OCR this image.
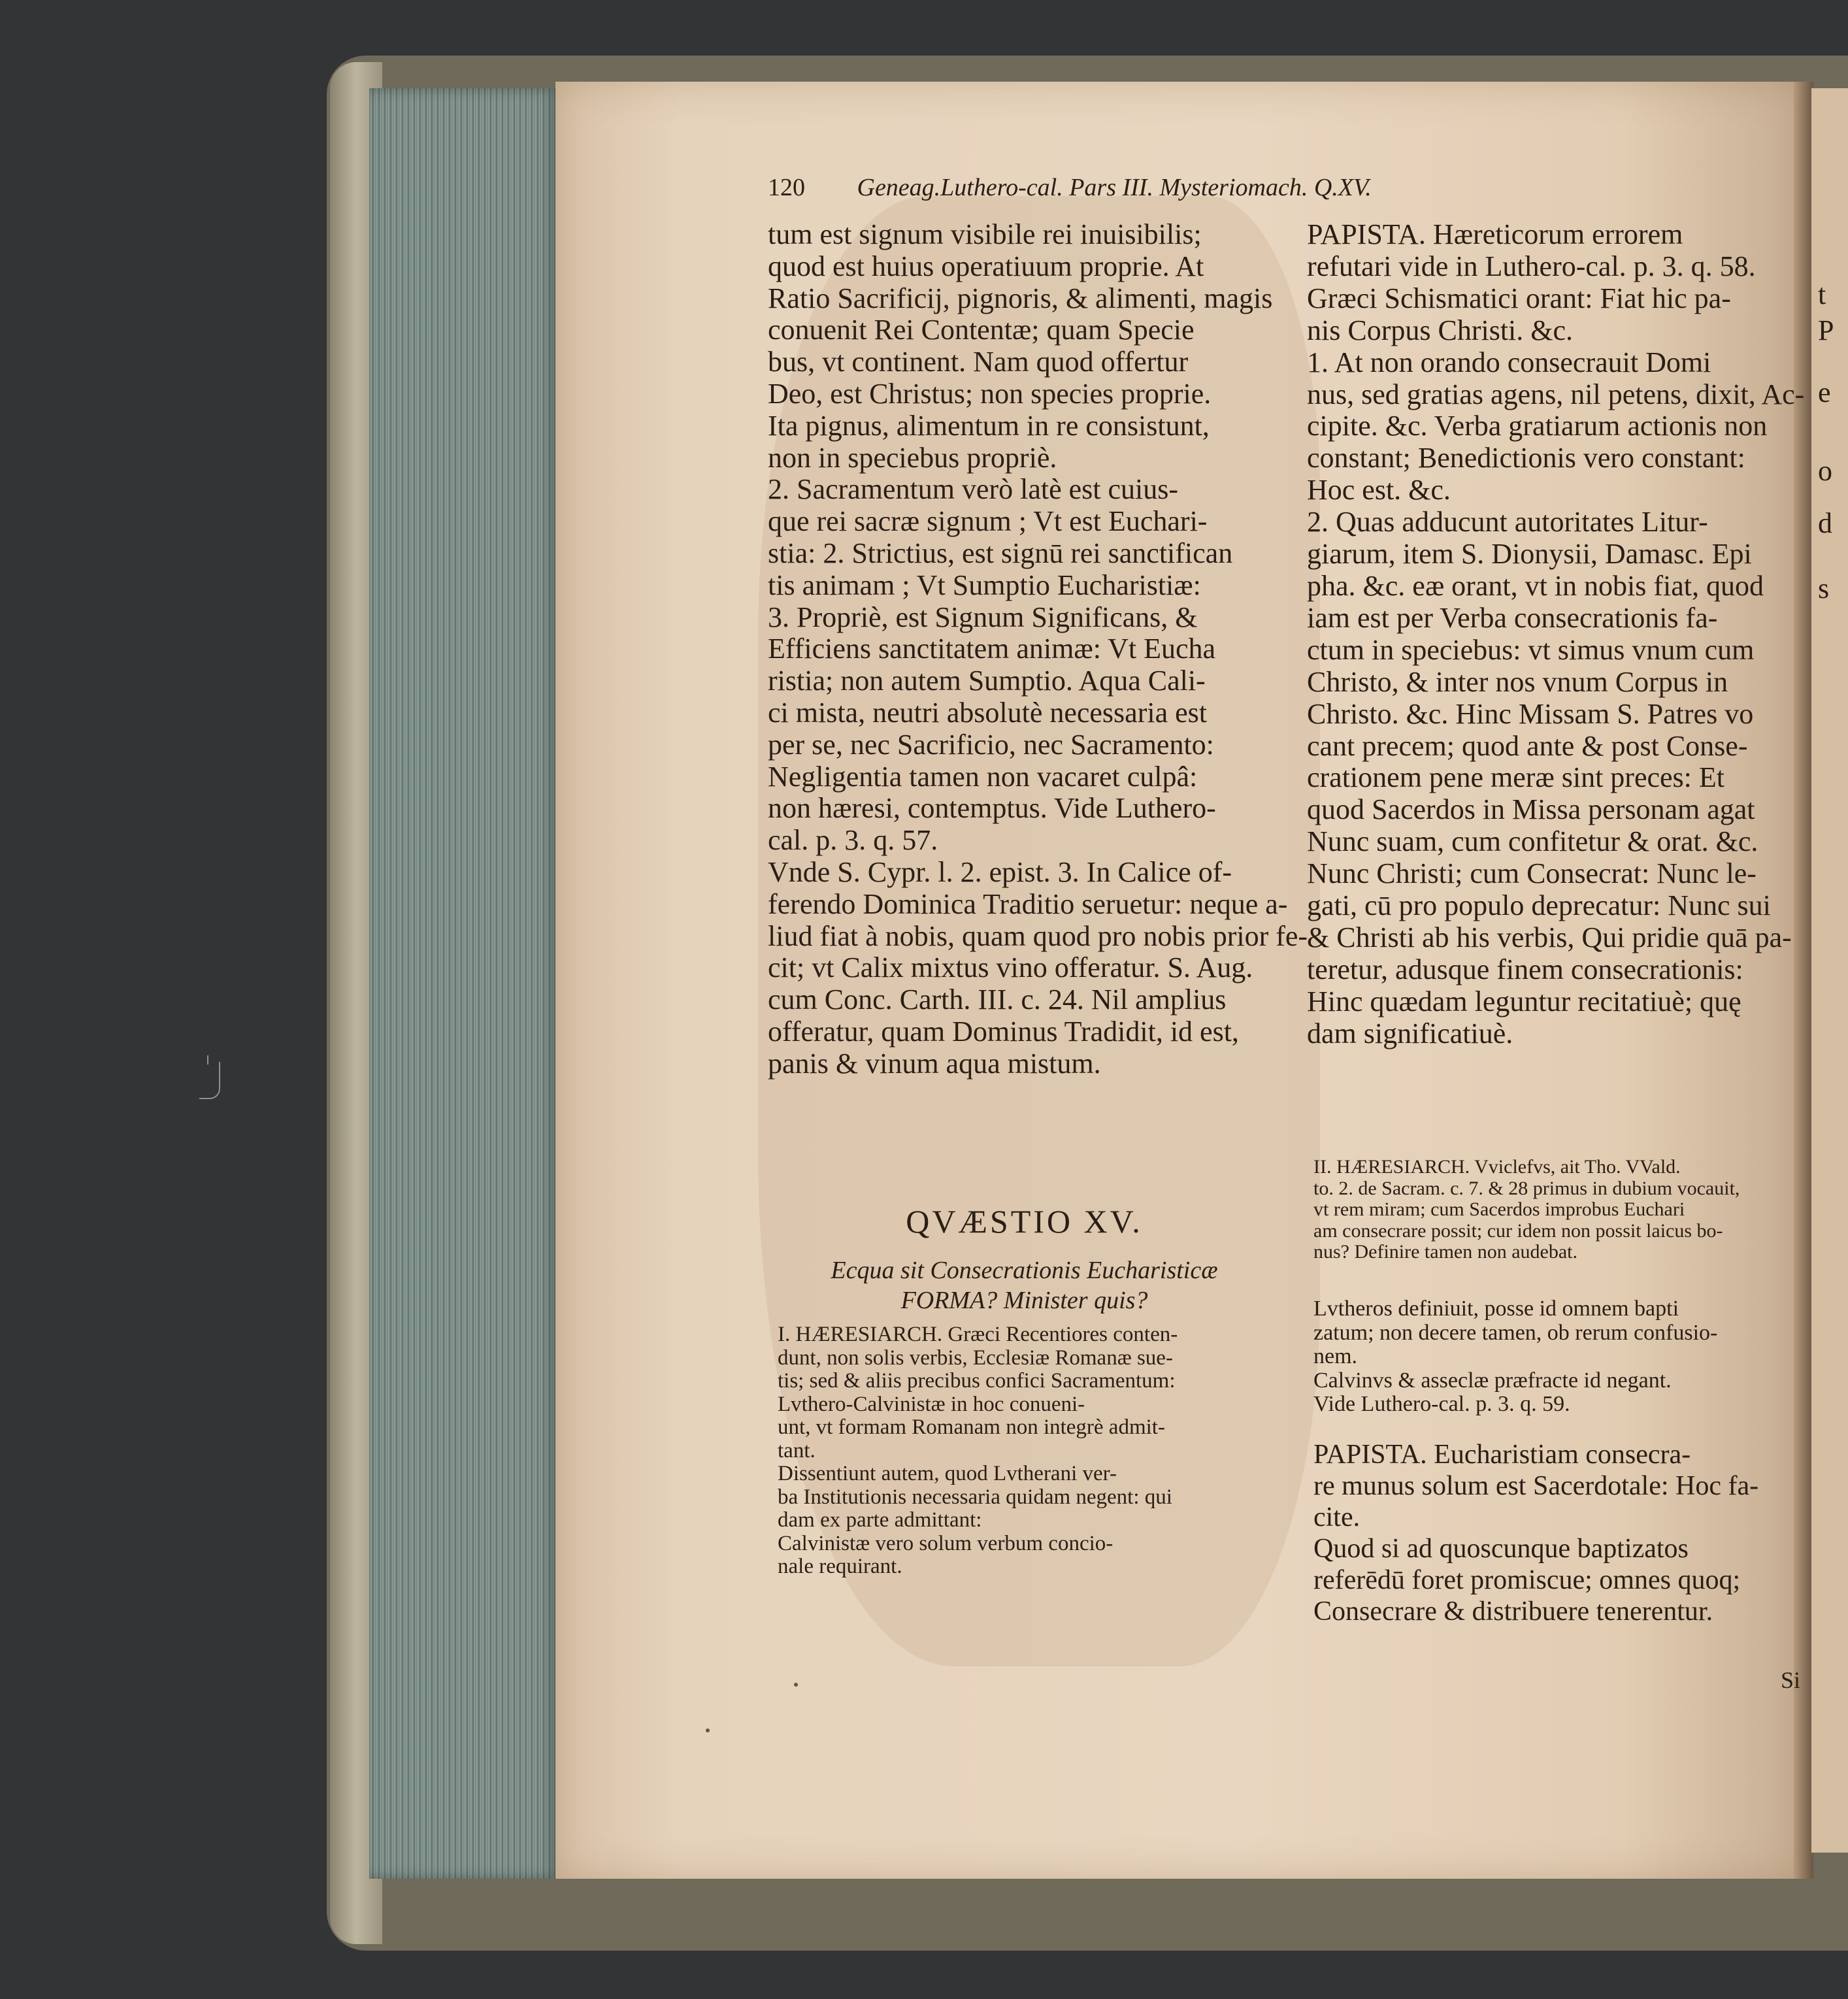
t
P
e
o
d
s
120 Geneag.Luthero-cal. Pars III. Mysteriomach. Q.XV.
tum est signum visibile rei inuisibilis;
quod est huius operatiuum proprie. At
Ratio Sacrificij, pignoris, & alimenti, magis
conuenit Rei Contentæ; quam Specie
bus, vt continent. Nam quod offertur
Deo, est Christus; non species proprie.
Ita pignus, alimentum in re consistunt,
non in speciebus propriè.
2. Sacramentum verò latè est cuius-
que rei sacræ signum ; Vt est Euchari-
stia: 2. Strictius, est signū rei sanctifican
tis animam ; Vt Sumptio Eucharistiæ:
3. Propriè, est Signum Significans, &
Efficiens sanctitatem animæ: Vt Eucha
ristia; non autem Sumptio. Aqua Cali-
ci mista, neutri absolutè necessaria est
per se, nec Sacrificio, nec Sacramento:
Negligentia tamen non vacaret culpâ:
non hæresi, contemptus. Vide Luthero-
cal. p. 3. q. 57.
Vnde S. Cypr. l. 2. epist. 3. In Calice of-
ferendo Dominica Traditio seruetur: neque a-
liud fiat à nobis, quam quod pro nobis prior fe-
cit; vt Calix mixtus vino offeratur. S. Aug.
cum Conc. Carth. III. c. 24. Nil amplius
offeratur, quam Dominus Tradidit, id est,
panis & vinum aqua mistum.
QVÆSTIO XV.
Ecqua sit Consecrationis Eucharisticæ
FORMA? Minister quis?
I. HÆRESIARCH. Græci Recentiores conten-
dunt, non solis verbis, Ecclesiæ Romanæ sue-
tis; sed & aliis precibus confici Sacramentum:
Lvthero-Calvinistæ in hoc conueni-
unt, vt formam Romanam non integrè admit-
tant.
Dissentiunt autem, quod Lvtherani ver-
ba Institutionis necessaria quidam negent: qui
dam ex parte admittant:
Calvinistæ vero solum verbum concio-
nale requirant.
PAPISTA. Hæreticorum errorem
refutari vide in Luthero-cal. p. 3. q. 58.
Græci Schismatici orant: Fiat hic pa-
nis Corpus Christi. &c.
1. At non orando consecrauit Domi
nus, sed gratias agens, nil petens, dixit, Ac-
cipite. &c. Verba gratiarum actionis non
constant; Benedictionis vero constant:
Hoc est. &c.
2. Quas adducunt autoritates Litur-
giarum, item S. Dionysii, Damasc. Epi
pha. &c. eæ orant, vt in nobis fiat, quod
iam est per Verba consecrationis fa-
ctum in speciebus: vt simus vnum cum
Christo, & inter nos vnum Corpus in
Christo. &c. Hinc Missam S. Patres vo
cant precem; quod ante & post Conse-
crationem pene meræ sint preces: Et
quod Sacerdos in Missa personam agat
Nunc suam, cum confitetur & orat. &c.
Nunc Christi; cum Consecrat: Nunc le-
gati, cū pro populo deprecatur: Nunc sui
& Christi ab his verbis, Qui pridie quā pa-
teretur, adusque finem consecrationis:
Hinc quædam leguntur recitatiuè; quę
dam significatiuè.
II. HÆRESIARCH. Vviclefvs, ait Tho. VVald.
to. 2. de Sacram. c. 7. & 28 primus in dubium vocauit,
vt rem miram; cum Sacerdos improbus Euchari
am consecrare possit; cur idem non possit laicus bo-
nus? Definire tamen non audebat.
Lvtheros definiuit, posse id omnem bapti
zatum; non decere tamen, ob rerum confusio-
nem.
Calvinvs & asseclæ præfracte id negant.
Vide Luthero-cal. p. 3. q. 59.
PAPISTA. Eucharistiam consecra-
re munus solum est Sacerdotale: Hoc fa-
cite.
Quod si ad quoscunque baptizatos
referēdū foret promiscue; omnes quoq;
Consecrare & distribuere tenerentur.
Si
